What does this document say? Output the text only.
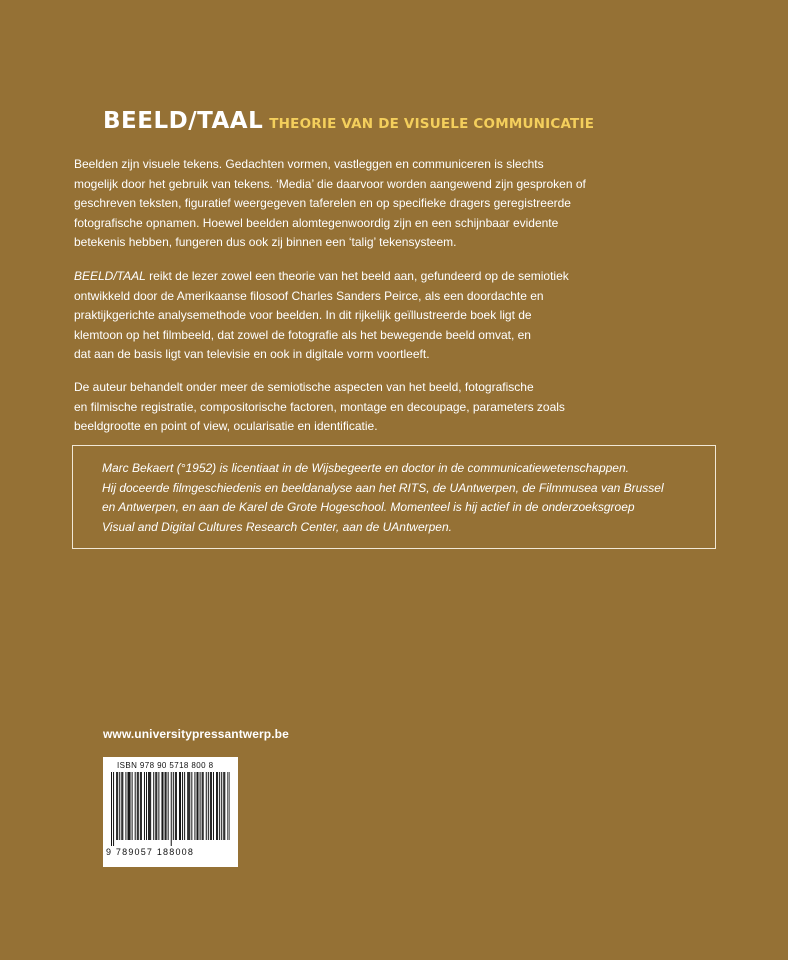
BEELD/TAAL THEORIE VAN DE VISUELE COMMUNICATIE
Beelden zijn visuele tekens. Gedachten vormen, vastleggen en communiceren is slechts
mogelijk door het gebruik van tekens. ‘Media’ die daarvoor worden aangewend zijn gesproken of
geschreven teksten, figuratief weergegeven taferelen en op specifieke dragers geregistreerde
fotografische opnamen. Hoewel beelden alomtegenwoordig zijn en een schijnbaar evidente
betekenis hebben, fungeren dus ook zij binnen een ‘talig’ tekensysteem.
BEELD/TAAL reikt de lezer zowel een theorie van het beeld aan, gefundeerd op de semiotiek
ontwikkeld door de Amerikaanse filosoof Charles Sanders Peirce, als een doordachte en
praktijkgerichte analysemethode voor beelden. In dit rijkelijk geïllustreerde boek ligt de
klemtoon op het filmbeeld, dat zowel de fotografie als het bewegende beeld omvat, en
dat aan de basis ligt van televisie en ook in digitale vorm voortleeft.
De auteur behandelt onder meer de semiotische aspecten van het beeld, fotografische
en filmische registratie, compositorische factoren, montage en decoupage, parameters zoals
beeldgrootte en point of view, ocularisatie en identificatie.
Marc Bekaert (°1952) is licentiaat in de Wijsbegeerte en doctor in de communicatiewetenschappen.
Hij doceerde filmgeschiedenis en beeldanalyse aan het RITS, de UAntwerpen, de Filmmusea van Brussel
en Antwerpen, en aan de Karel de Grote Hogeschool. Momenteel is hij actief in de onderzoeksgroep
Visual and Digital Cultures Research Center, aan de UAntwerpen.
www.universitypressantwerp.be
ISBN 978 90 5718 800 8
9 789057 188008
